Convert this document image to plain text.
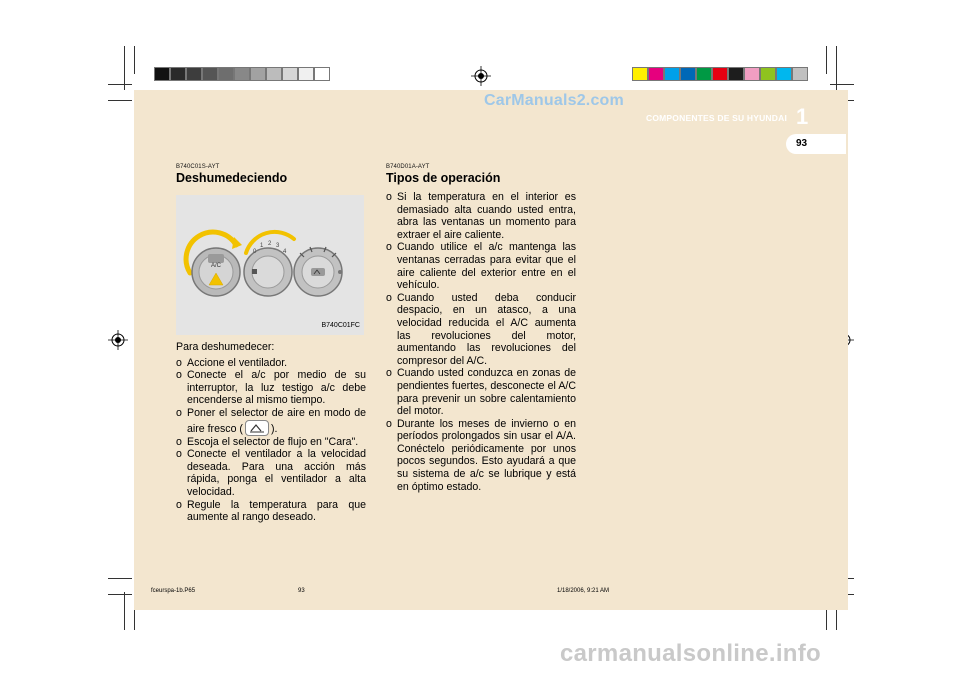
CarManuals2.com
COMPONENTES DE SU HYUNDAI 1
93
B740C01S-AYT
Deshumedeciendo
A/C
0
1 2 3
4
B740C01FC
Para deshumedecer:
o Accione el ventilador.
o Conecte el a/c por medio de su interruptor, la luz testigo a/c debe encenderse al mismo tiempo.
o Poner el selector de aire en modo de aire fresco (	).
o Escoja el selector de flujo en "Cara".
o Conecte el ventilador a la velocidad deseada. Para una acción más rápida, ponga el ventilador a alta velocidad.
o Regule la temperatura para que aumente al rango deseado.
B740D01A-AYT
Tipos de operación
o Si la temperatura en el interior es demasiado alta cuando usted entra, abra las ventanas un momento para extraer el aire caliente.
o Cuando utilice el a/c mantenga las ventanas cerradas para evitar que el aire caliente del exterior entre en el vehículo.
o Cuando usted deba conducir despacio, en un atasco, a una velocidad reducida el A/C aumenta las revoluciones del motor, aumentando las revoluciones del compresor del A/C.
o Cuando usted conduzca en zonas de pendientes fuertes, desconecte el A/C para prevenir un sobre calentamiento del motor.
o Durante los meses de invierno o en períodos prolongados sin usar el A/A. Conéctelo periódicamente por unos pocos segundos. Esto ayudará a que su sistema de a/c se lubrique y está en óptimo estado.
fceurspa-1b.P65	93	1/18/2006, 9:21 AM
carmanualsonline.info
